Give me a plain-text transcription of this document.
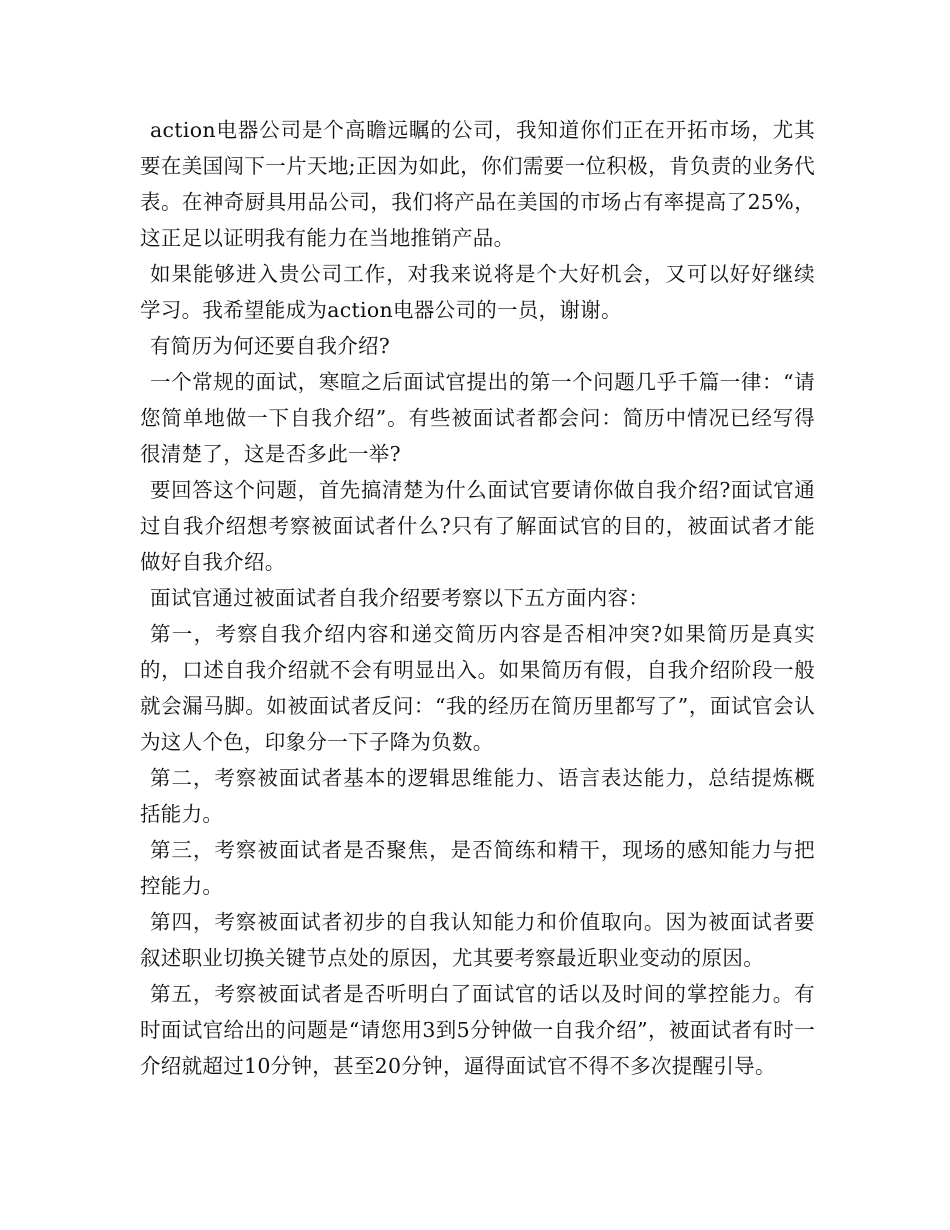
action电器公司是个高瞻远瞩的公司，我知道你们正在开拓市场，尤其要在美国闯下一片天地;正因为如此，你们需要一位积极，肯负责的业务代表。在神奇厨具用品公司，我们将产品在美国的市场占有率提高了25%，这正足以证明我有能力在当地推销产品。

如果能够进入贵公司工作，对我来说将是个大好机会，又可以好好继续学习。我希望能成为action电器公司的一员，谢谢。

有简历为何还要自我介绍?

一个常规的面试，寒暄之后面试官提出的第一个问题几乎千篇一律：“请您简单地做一下自我介绍”。有些被面试者都会问：简历中情况已经写得很清楚了，这是否多此一举?

要回答这个问题，首先搞清楚为什么面试官要请你做自我介绍?面试官通过自我介绍想考察被面试者什么?只有了解面试官的目的，被面试者才能做好自我介绍。

面试官通过被面试者自我介绍要考察以下五方面内容：

第一，考察自我介绍内容和递交简历内容是否相冲突?如果简历是真实的，口述自我介绍就不会有明显出入。如果简历有假，自我介绍阶段一般就会漏马脚。如被面试者反问：“我的经历在简历里都写了”，面试官会认为这人个色，印象分一下子降为负数。

第二，考察被面试者基本的逻辑思维能力、语言表达能力，总结提炼概括能力。

第三，考察被面试者是否聚焦，是否简练和精干，现场的感知能力与把控能力。

第四，考察被面试者初步的自我认知能力和价值取向。因为被面试者要叙述职业切换关键节点处的原因，尤其要考察最近职业变动的原因。

第五，考察被面试者是否听明白了面试官的话以及时间的掌控能力。有时面试官给出的问题是“请您用3到5分钟做一自我介绍”，被面试者有时一介绍就超过10分钟，甚至20分钟，逼得面试官不得不多次提醒引导。
